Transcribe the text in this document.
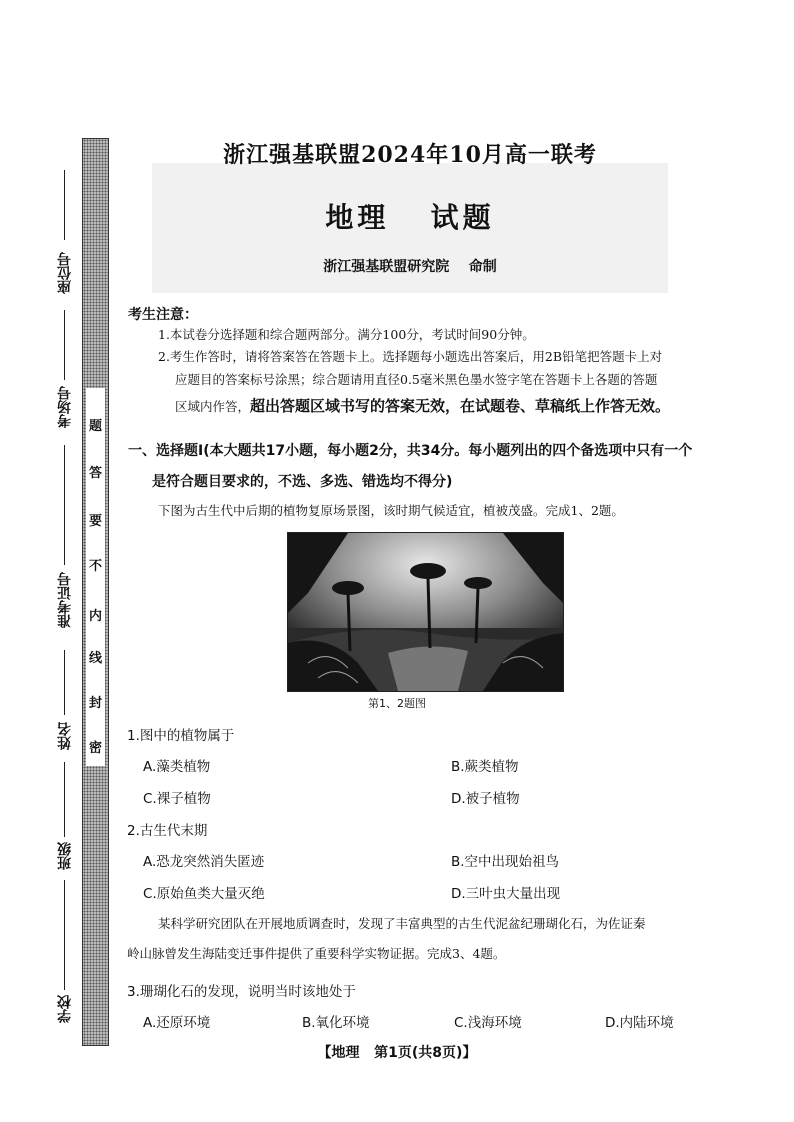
题
答
要
不
内
线
封
密
座位号
考场号
准考证号
姓名
班级
学校
浙江强基联盟2024年10月高一联考
地理   试题
浙江强基联盟研究院    命制
考生注意：
1.本试卷分选择题和综合题两部分。满分100分，考试时间90分钟。
2.考生作答时，请将答案答在答题卡上。选择题每小题选出答案后，用2B铅笔把答题卡上对
应题目的答案标号涂黑；综合题请用直径0.5毫米黑色墨水签字笔在答题卡上各题的答题
区域内作答，超出答题区域书写的答案无效，在试题卷、草稿纸上作答无效。
一、选择题Ⅰ(本大题共17小题，每小题2分，共34分。每小题列出的四个备选项中只有一个
是符合题目要求的，不选、多选、错选均不得分)
下图为古生代中后期的植物复原场景图，该时期气候适宜，植被茂盛。完成1、2题。
第1、2题图
1.图中的植物属于
A.藻类植物	B.蕨类植物
C.裸子植物	D.被子植物
2.古生代末期
A.恐龙突然消失匿迹	B.空中出现始祖鸟
C.原始鱼类大量灭绝	D.三叶虫大量出现
某科学研究团队在开展地质调查时，发现了丰富典型的古生代泥盆纪珊瑚化石，为佐证秦
岭山脉曾发生海陆变迁事件提供了重要科学实物证据。完成3、4题。
3.珊瑚化石的发现，说明当时该地处于
A.还原环境	B.氧化环境	C.浅海环境	D.内陆环境
【地理   第1页(共8页)】
